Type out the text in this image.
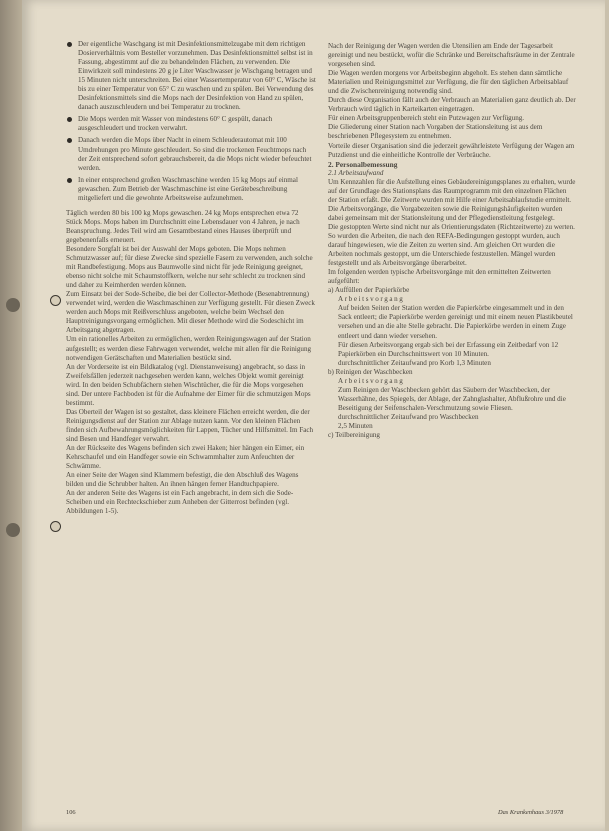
Der eigentliche Waschgang ist mit Desinfektionsmittelzugabe mit dem richtigen Dosierverhältnis vom Besteller vorzunehmen. Das Desinfektionsmittel selbst ist in Fassung, abgestimmt auf die zu behandelnden Flächen, zu verwenden. Die Einwirkzeit soll mindestens 20 g je Liter Waschwasser je Wischgang betragen und 15 Minuten nicht unterschreiten. Bei einer Wassertemperatur von 60° C, Wäsche ist bis zu einer Temperatur von 65° C zu waschen und zu spülen. Bei Verwendung des Desinfektionsmittels sind die Mops nach der Desinfektion von Hand zu spülen, danach auszuschleudern und bei Temperatur zu trocknen.
Die Mops werden mit Wasser von mindestens 60° C gespült, danach ausgeschleudert und trocken verwahrt.
Danach werden die Mops über Nacht in einem Schleuderautomat mit 100 Umdrehungen pro Minute geschleudert. So sind die trockenen Feuchtmops nach der Zeit entsprechend sofort gebrauchsbereit, da die Mops nicht wieder befeuchtet werden.
In einer entsprechend großen Waschmaschine werden 15 kg Mops auf einmal gewaschen. Zum Betrieb der Waschmaschine ist eine Gerätebeschreibung mitgeliefert und die gewohnte Arbeitsweise aufzunehmen.

Täglich werden 80 bis 100 kg Mops gewaschen. 24 kg Mops entsprechen etwa 72 Stück Mops. Mops haben im Durchschnitt eine Lebensdauer von 4 Jahren, je nach Beanspruchung. Jedes Teil wird am Gesamtbestand eines Hauses überprüft und gegebenenfalls erneuert.

Besondere Sorgfalt ist bei der Auswahl der Mops geboten. Die Mops nehmen Schmutzwasser auf; für diese Zwecke sind spezielle Fasern zu verwenden, auch solche mit Randbefestigung. Mops aus Baumwolle sind nicht für jede Reinigung geeignet, ebenso nicht solche mit Schaumstoffkern, welche nur sehr schlecht zu trocknen sind und daher zu Keimherden werden können.

Zum Einsatz bei der Sode-Scheibe, die bei der Collector-Methode (Besenabtrennung) verwendet wird, werden die Waschmaschinen zur Verfügung gestellt. Für diesen Zweck werden auch Mops mit Reißverschluss angeboten, welche beim Wechsel den Hauptreinigungsvorgang ermöglichen. Mit dieser Methode wird die Sodeschicht im Arbeitsgang abgetragen.

Um ein rationelles Arbeiten zu ermöglichen, werden Reinigungswagen auf der Station aufgestellt; es werden diese Fahrwagen verwendet, welche mit allen für die Reinigung notwendigen Gerätschaften und Materialien bestückt sind.

An der Vorderseite ist ein Bildkatalog (vgl. Dienstanweisung) angebracht, so dass in Zweifelsfällen jederzeit nachgesehen werden kann, welches Objekt womit gereinigt wird. In den beiden Schubfächern stehen Wischtücher, die für die Mops vorgesehen sind. Der untere Fachboden ist für die Aufnahme der Eimer für die schmutzigen Mops bestimmt.

Das Oberteil der Wagen ist so gestaltet, dass kleinere Flächen erreicht werden, die der Reinigungsdienst auf der Station zur Ablage nutzen kann. Vor den kleinen Flächen finden sich Aufbewahrungsmöglichkeiten für Lappen, Tücher und Hilfsmittel. Im Fach sind Besen und Handfeger verwahrt.

An der Rückseite des Wagens befinden sich zwei Haken; hier hängen ein Eimer, ein Kehrschaufel und ein Handfeger sowie ein Schwammhalter zum Anfeuchten der Schwämme.

An einer Seite der Wagen sind Klammern befestigt, die den Abschluß des Wagens bilden und die Schrubber halten. An ihnen hängen ferner Handtuchpapiere.

An der anderen Seite des Wagens ist ein Fach angebracht, in dem sich die Sode-Scheiben und ein Rechteckschieber zum Anheben der Gitterrost befinden (vgl. Abbildungen 1-5).

Nach der Reinigung der Wagen werden die Utensilien am Ende der Tagesarbeit gereinigt und neu bestückt, wofür die Schränke und Bereitschaftsräume in der Zentrale vorgesehen sind.

Die Wagen werden morgens vor Arbeitsbeginn abgeholt. Es stehen dann sämtliche Materialien und Reinigungsmittel zur Verfügung, die für den täglichen Arbeitsablauf und die Zwischenreinigung notwendig sind.

Durch diese Organisation fällt auch der Verbrauch an Materialien ganz deutlich ab. Der Verbrauch wird täglich in Karteikarten eingetragen.

Für einen Arbeitsgruppenbereich steht ein Putzwagen zur Verfügung.

Die Gliederung einer Station nach Vorgaben der Stationsleitung ist aus dem beschriebenen Pflegesystem zu entnehmen.

Vorteile dieser Organisation sind die jederzeit gewährleistete Verfügung der Wagen am Putzdienst und die einheitliche Kontrolle der Verbräuche.

2. Personalbemessung
2.1 Arbeitsaufwand

Um Kennzahlen für die Aufstellung eines Gebäudereinigungsplanes zu erhalten, wurde auf der Grundlage des Stationsplans das Raumprogramm mit den einzelnen Flächen der Station erfaßt. Die Zeitwerte wurden mit Hilfe einer Arbeitsablaufstudie ermittelt. Die Arbeitsvorgänge, die Vorgabezeiten sowie die Reinigungshäufigkeiten wurden dabei gemeinsam mit der Stationsleitung und der Pflegedienstleitung festgelegt.

Die gestoppten Werte sind nicht nur als Orientierungsdaten (Richtzeitwerte) zu werten. So wurden die Arbeiten, die nach den REFA-Bedingungen gestoppt wurden, auch darauf hingewiesen, wie die Zeiten zu werten sind. Am gleichen Ort wurden die Arbeiten nochmals gestoppt, um die Unterschiede festzustellen. Mängel wurden festgestellt und als Arbeitsvorgänge überarbeitet.

Im folgenden werden typische Arbeitsvorgänge mit den ermittelten Zeitwerten aufgeführt:

a) Auffüllen der Papierkörbe
Arbeitsvorgang
Auf beiden Seiten der Station werden die Papierkörbe eingesammelt und in den Sack entleert; die Papierkörbe werden gereinigt und mit einem neuen Plastikbeutel versehen und an die alte Stelle gebracht. Die Papierkörbe werden in einem Zuge entleert und dann wieder versehen.
Für diesen Arbeitsvorgang ergab sich bei der Erfassung ein Zeitbedarf von 12 Papierkörben ein Durchschnittswert von 10 Minuten.
durchschnittlicher Zeitaufwand pro Korb 1,3 Minuten
b) Reinigen der Waschbecken
Arbeitsvorgang
Zum Reinigen der Waschbecken gehört das Säubern der Waschbecken, der Wasserhähne, des Spiegels, der Ablage, der Zahnglashalter, Abflußrohre und die Beseitigung der Seifenschalen-Verschmutzung sowie Fliesen.
durchschnittlicher Zeitaufwand pro Waschbecken
2,5 Minuten
c) Teilbereinigung
106	Das Krankenhaus 3/1978
